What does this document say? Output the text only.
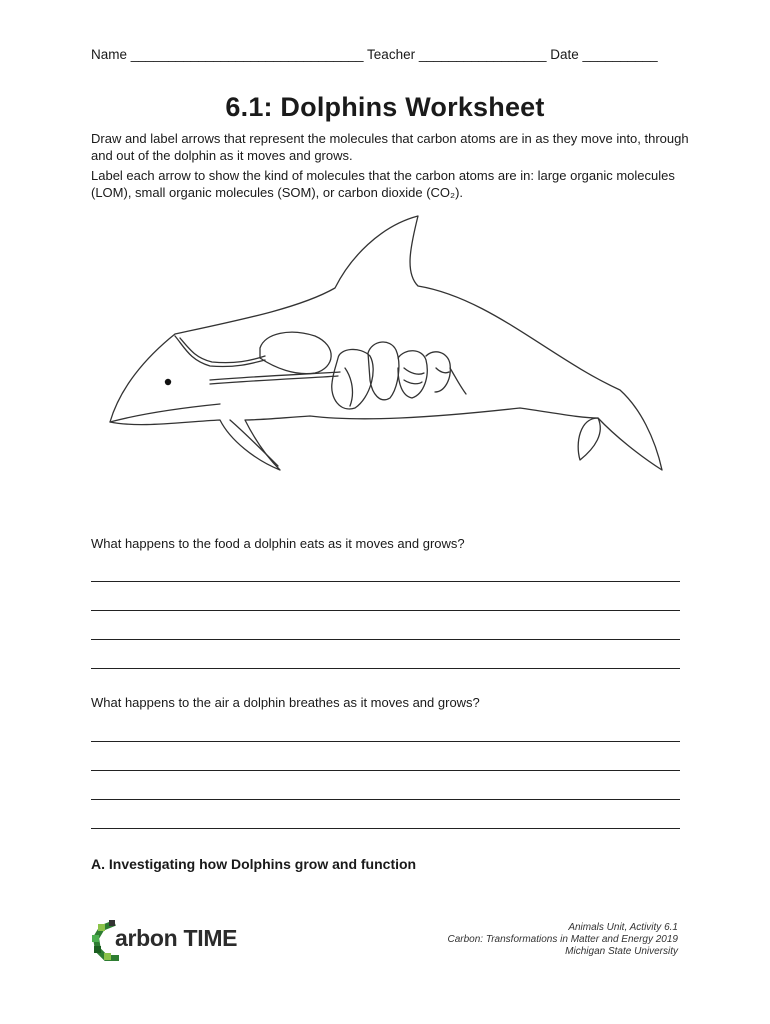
Name _______________________________ Teacher _________________ Date __________
6.1: Dolphins Worksheet
Draw and label arrows that represent the molecules that carbon atoms are in as they move into, through and out of the dolphin as it moves and grows.
Label each arrow to show the kind of molecules that the carbon atoms are in: large organic molecules (LOM), small organic molecules (SOM), or carbon dioxide (CO₂).
What happens to the food a dolphin eats as it moves and grows?
What happens to the air a dolphin breathes as it moves and grows?
A. Investigating how Dolphins grow and function
arbon TIME	Animals Unit, Activity 6.1
Carbon: Transformations in Matter and Energy 2019
Michigan State University
